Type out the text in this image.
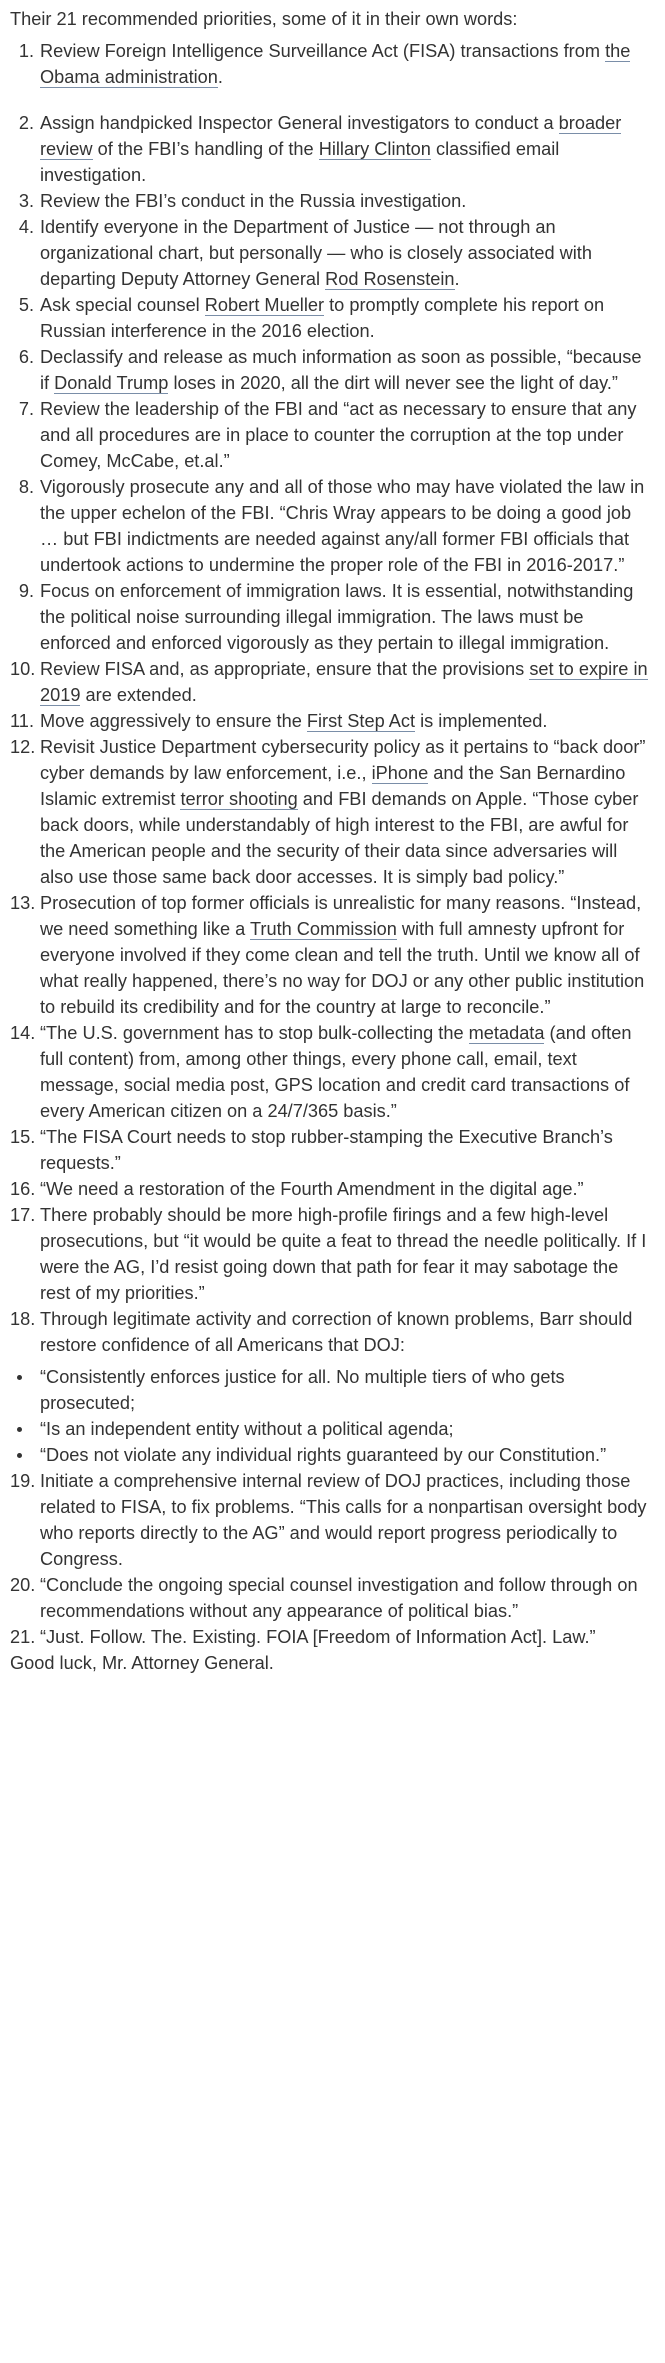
Their 21 recommended priorities, some of it in their own words:

1 . Review Foreign Intelligence Surveillance Act (FISA) transactions from the Obama administration.
2 . Assign handpicked Inspector General investigators to conduct a broader review of the FBI’s handling of the Hillary Clinton classified email investigation.
3 . Review the FBI’s conduct in the Russia investigation.
4 . Identify everyone in the Department of Justice — not through an organizational chart, but personally — who is closely associated with departing Deputy Attorney General Rod Rosenstein.
5 . Ask special counsel Robert Mueller to promptly complete his report on Russian interference in the 2016 election.
6 . Declassify and release as much information as soon as possible, “because if Donald Trump loses in 2020, all the dirt will never see the light of day.”
7 . Review the leadership of the FBI and “act as necessary to ensure that any and all procedures are in place to counter the corruption at the top under Comey, McCabe, et.al.”
8 . Vigorously prosecute any and all of those who may have violated the law in the upper echelon of the FBI. “Chris Wray appears to be doing a good job … but FBI indictments are needed against any/all former FBI officials that undertook actions to undermine the proper role of the FBI in 2016-2017.”
9 . Focus on enforcement of immigration laws. It is essential, notwithstanding the political noise surrounding illegal immigration. The laws must be enforced and enforced vigorously as they pertain to illegal immigration.
10 . Review FISA and, as appropriate, ensure that the provisions set to expire in 2019 are extended.
11 . Move aggressively to ensure the First Step Act is implemented.
12 . Revisit Justice Department cybersecurity policy as it pertains to “back door” cyber demands by law enforcement, i.e., iPhone and the San Bernardino Islamic extremist terror shooting and FBI demands on Apple. “Those cyber back doors, while understandably of high interest to the FBI, are awful for the American people and the security of their data since adversaries will also use those same back door accesses. It is simply bad policy.”
13 . Prosecution of top former officials is unrealistic for many reasons. “Instead, we need something like a Truth Commission with full amnesty upfront for everyone involved if they come clean and tell the truth. Until we know all of what really happened, there’s no way for DOJ or any other public institution to rebuild its credibility and for the country at large to reconcile.”
14 . “The U.S. government has to stop bulk-collecting the metadata (and often full content) from, among other things, every phone call, email, text message, social media post, GPS location and credit card transactions of every American citizen on a 24/7/365 basis.”
15 . “The FISA Court needs to stop rubber-stamping the Executive Branch’s requests.”
16 . “We need a restoration of the Fourth Amendment in the digital age.”
17 . There probably should be more high-profile firings and a few high-level prosecutions, but “it would be quite a feat to thread the needle politically. If I were the AG, I’d resist going down that path for fear it may sabotage the rest of my priorities.”
18 . Through legitimate activity and correction of known problems, Barr should restore confidence of all Americans that DOJ:
“Consistently enforces justice for all. No multiple tiers of who gets prosecuted;
“Is an independent entity without a political agenda;
“Does not violate any individual rights guaranteed by our Constitution.”
19 . Initiate a comprehensive internal review of DOJ practices, including those related to FISA, to fix problems. “This calls for a nonpartisan oversight body who reports directly to the AG” and would report progress periodically to Congress.
20 . “Conclude the ongoing special counsel investigation and follow through on recommendations without any appearance of political bias.”
21 . “Just. Follow. The. Existing. FOIA [Freedom of Information Act]. Law.”

Good luck, Mr. Attorney General.
